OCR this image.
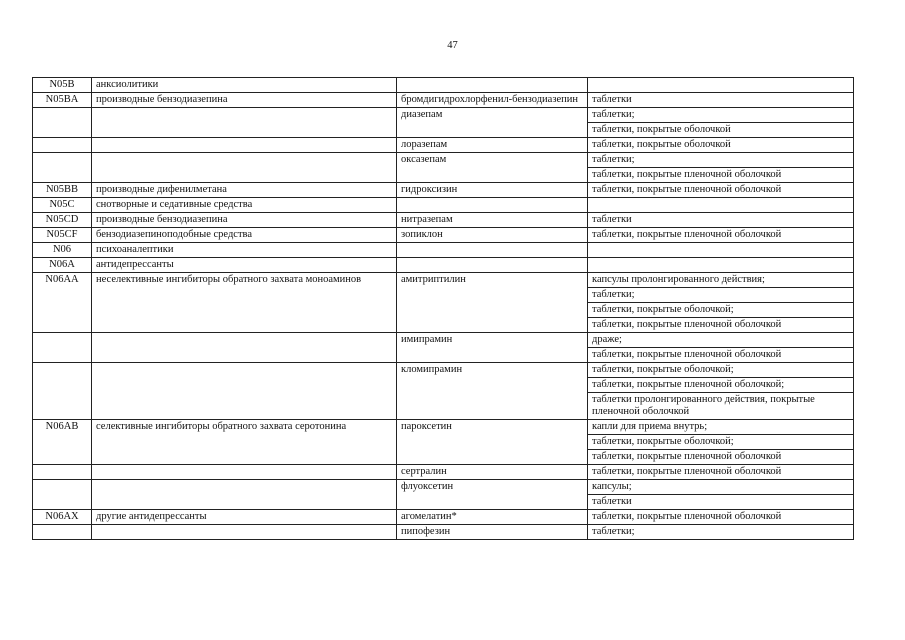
47
N05B	анксиолитики		
N05BA	производные бензодиазепина	бромдигидрохлорфенил-бензодиазепин	таблетки
		диазепам	таблетки;
			таблетки, покрытые оболочкой
		лоразепам	таблетки, покрытые оболочкой
		оксазепам	таблетки;
			таблетки, покрытые пленочной оболочкой
N05BB	производные дифенилметана	гидроксизин	таблетки, покрытые пленочной оболочкой
N05C	снотворные и седативные средства		
N05CD	производные бензодиазепина	нитразепам	таблетки
N05CF	бензодиазепиноподобные средства	зопиклон	таблетки, покрытые пленочной оболочкой
N06	психоаналептики		
N06A	антидепрессанты		
N06AA	неселективные ингибиторы обратного захвата моноаминов	амитриптилин	капсулы пролонгированного действия;
			таблетки;
			таблетки, покрытые оболочкой;
			таблетки, покрытые пленочной оболочкой
		имипрамин	драже;
			таблетки, покрытые пленочной оболочкой
		кломипрамин	таблетки, покрытые оболочкой;
			таблетки, покрытые пленочной оболочкой;
			таблетки пролонгированного действия, покрытые пленочной оболочкой
N06AB	селективные ингибиторы обратного захвата серотонина	пароксетин	капли для приема внутрь;
			таблетки, покрытые оболочкой;
			таблетки, покрытые пленочной оболочкой
		сертралин	таблетки, покрытые пленочной оболочкой
		флуоксетин	капсулы;
			таблетки
N06AX	другие антидепрессанты	агомелатин*	таблетки, покрытые пленочной оболочкой
		пипофезин	таблетки;
